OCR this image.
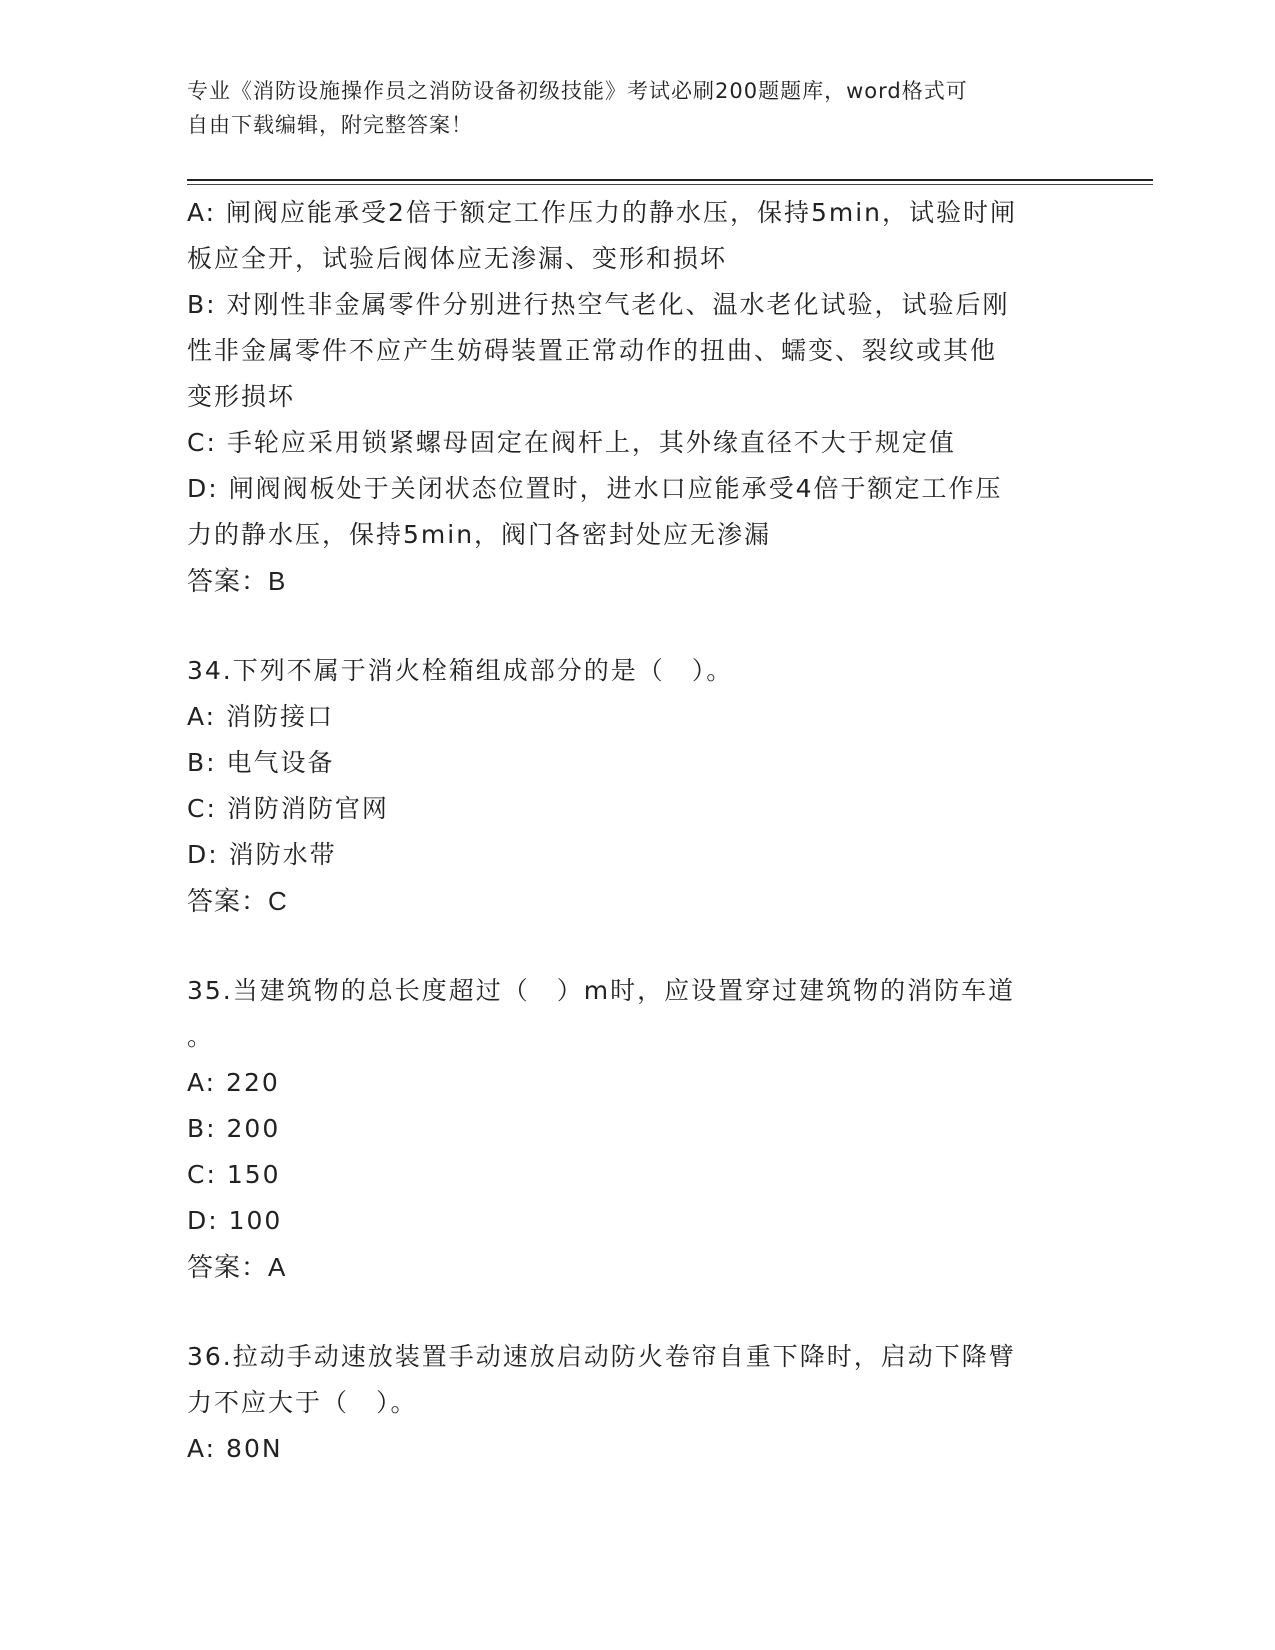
专业《消防设施操作员之消防设备初级技能》考试必刷200题题库，word格式可
自由下载编辑，附完整答案！
A: 闸阀应能承受2倍于额定工作压力的静水压，保持5min，试验时闸
板应全开，试验后阀体应无渗漏、变形和损坏
B: 对刚性非金属零件分别进行热空气老化、温水老化试验，试验后刚
性非金属零件不应产生妨碍装置正常动作的扭曲、蠕变、裂纹或其他
变形损坏
C: 手轮应采用锁紧螺母固定在阀杆上，其外缘直径不大于规定值
D: 闸阀阀板处于关闭状态位置时，进水口应能承受4倍于额定工作压
力的静水压，保持5min，阀门各密封处应无渗漏
答案：B
34.下列不属于消火栓箱组成部分的是（　）。
A: 消防接口
B: 电气设备
C: 消防消防官网
D: 消防水带
答案：C
35.当建筑物的总长度超过（　）m时，应设置穿过建筑物的消防车道
。
A: 220
B: 200
C: 150
D: 100
答案：A
36.拉动手动速放装置手动速放启动防火卷帘自重下降时，启动下降臂
力不应大于（　）。
A: 80N
